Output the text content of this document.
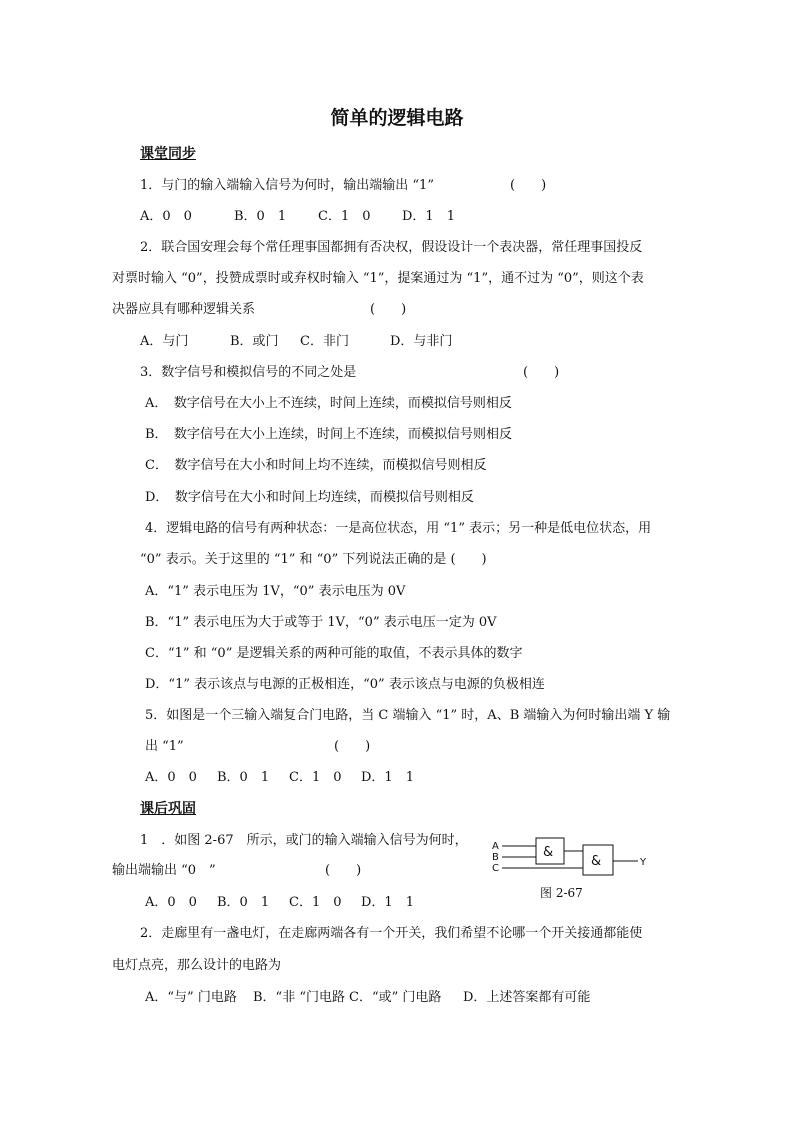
简单的逻辑电路
课堂同步
1．与门的输入端输入信号为何时，输出端输出 “1”	(　　)
A．0　0	B．0　1 C．1　0 D．1　1
2．联合国安理会每个常任理事国都拥有否决权，假设设计一个表决器，常任理事国投反
对票时输入 “0”，投赞成票时或弃权时输入 “1”，提案通过为 “1”，通不过为 “0”，则这个表
决器应具有哪种逻辑关系	(　　)
A．与门	B．或门 C．非门	D．与非门
3．数字信号和模拟信号的不同之处是	(　　)
A．　数字信号在大小上不连续，时间上连续，而模拟信号则相反
B．　数字信号在大小上连续，时间上不连续，而模拟信号则相反
C．　数字信号在大小和时间上均不连续，而模拟信号则相反
D．　数字信号在大小和时间上均连续，而模拟信号则相反
4．逻辑电路的信号有两种状态：一是高位状态，用 “1” 表示；另一种是低电位状态，用
“0” 表示。关于这里的 “1” 和 “0” 下列说法正确的是 (　　)
A．“1” 表示电压为 1V，“0” 表示电压为 0V
B．“1” 表示电压为大于或等于 1V，“0” 表示电压一定为 0V
C．“1” 和 “0” 是逻辑关系的两种可能的取值，不表示具体的数字
D．“1” 表示该点与电源的正极相连，“0” 表示该点与电源的负极相连
5．如图是一个三输入端复合门电路，当 C 端输入 “1” 时，A、B 端输入为何时输出端 Y 输
出 “1”	(　　)
A．0　0 B．0　1 C．1　0 D．1　1
课后巩固
1　．如图 2-67　所示，或门的输入端输入信号为何时，
输出端输出 “0　”	(　　)
A．0　0 B．0　1 C．1　0 D．1　1
A
B
C
Y
&
&
图 2-67
2．走廊里有一盏电灯，在走廊两端各有一个开关，我们希望不论哪一个开关接通都能使
电灯点亮，那么设计的电路为
A．“与” 门电路 B．“非 “门电路 C．“或” 门电路 D．上述答案都有可能
